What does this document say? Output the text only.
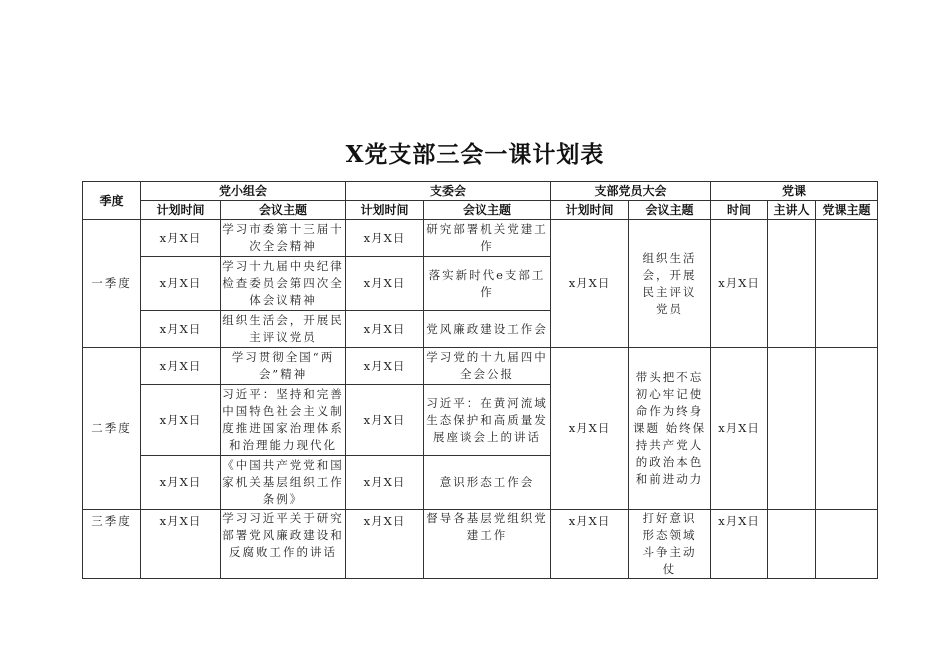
X党支部三会一课计划表
季度	党小组会		支委会		支部党员大会		党课		
	计划时间	会议主题	计划时间	会议主题	计划时间	会议主题	时间	主讲人	党课主题
一季度	x月X日	学习市委第十三届十次全会精神	x月X日	研究部署机关党建工作	x月X日	组织生活会，开展民主评议党员	x月X日		
	x月X日	学习十九届中央纪律检查委员会第四次全体会议精神	x月X日	落实新时代e支部工作					
	x月X日	组织生活会，开展民主评议党员	x月X日	党风廉政建设工作会					
二季度	x月X日	学习贯彻全国“两会”精神	x月X日	学习党的十九届四中全会公报	x月X日	带头把不忘初心牢记使命作为终身课题 始终保持共产党人的政治本色和前进动力	x月X日		
	x月X日	习近平：坚持和完善中国特色社会主义制度推进国家治理体系和治理能力现代化	x月X日	习近平：在黄河流域生态保护和高质量发展座谈会上的讲话					
	x月X日	《中国共产党党和国家机关基层组织工作条例》	x月X日	意识形态工作会					
三季度	x月X日	学习习近平关于研究部署党风廉政建设和反腐败工作的讲话	x月X日	督导各基层党组织党建工作	x月X日	打好意识形态领域斗争主动仗	x月X日		
